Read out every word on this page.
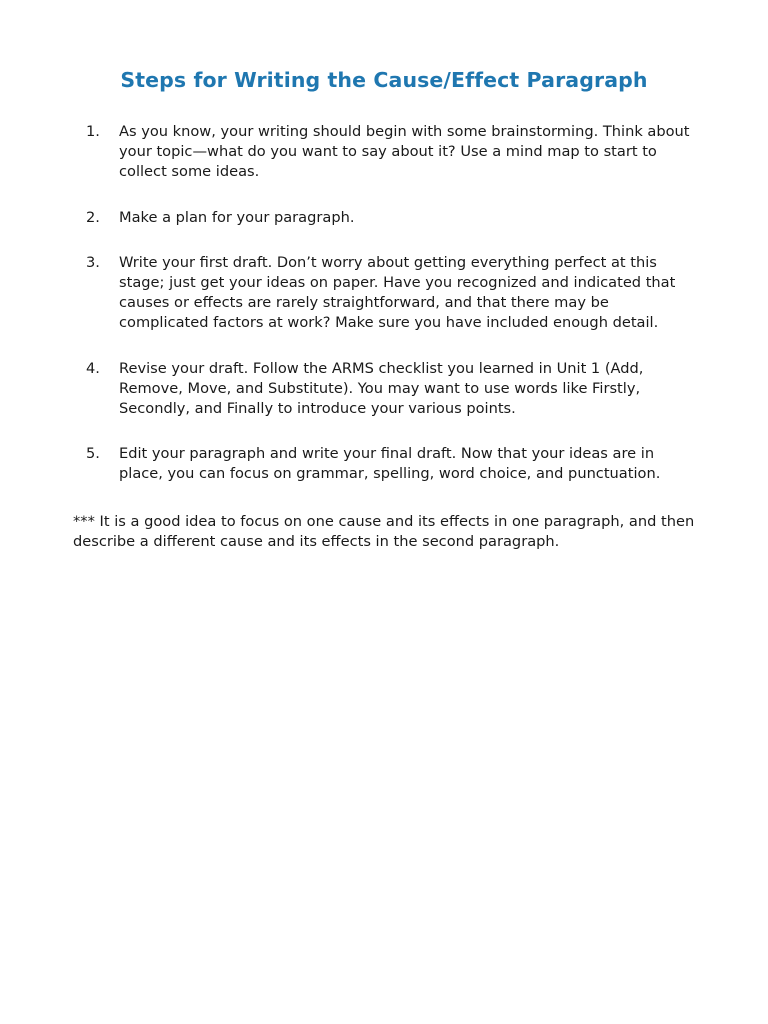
Steps for Writing the Cause/Effect Paragraph
1.	As you know, your writing should begin with some brainstorming. Think about your topic—what do you want to say about it? Use a mind map to start to collect some ideas.
2.	Make a plan for your paragraph.
3.	Write your first draft. Don’t worry about getting everything perfect at this stage; just get your ideas on paper. Have you recognized and indicated that causes or effects are rarely straightforward, and that there may be complicated factors at work? Make sure you have included enough detail.
4.	Revise your draft. Follow the ARMS checklist you learned in Unit 1 (Add, Remove, Move, and Substitute). You may want to use words like Firstly, Secondly, and Finally to introduce your various points.
5.	Edit your paragraph and write your final draft. Now that your ideas are in place, you can focus on grammar, spelling, word choice, and punctuation.

*** It is a good idea to focus on one cause and its effects in one paragraph, and then describe a different cause and its effects in the second paragraph.
